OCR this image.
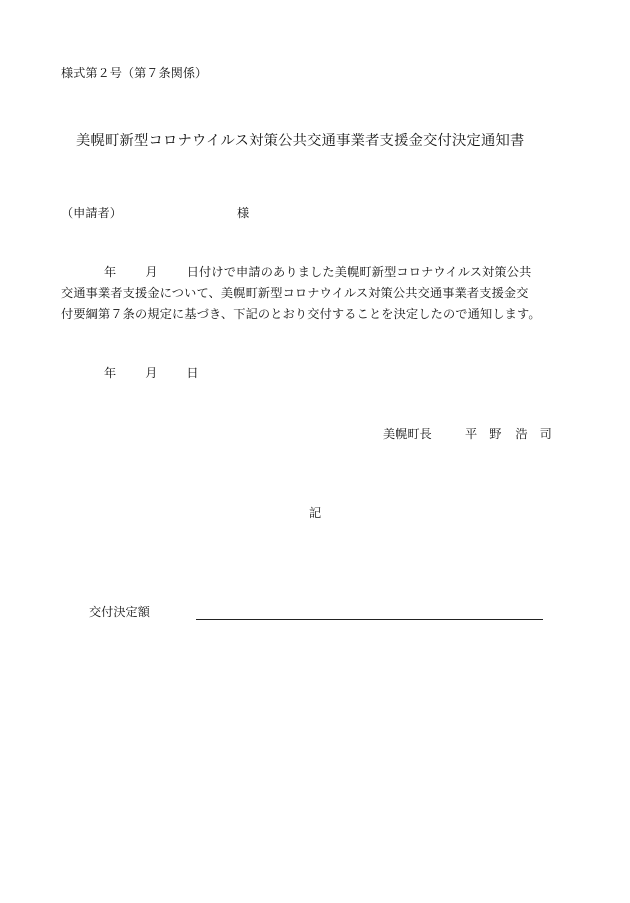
様式第２号（第７条関係）
美幌町新型コロナウイルス対策公共交通事業者支援金交付決定通知書
（申請者）	様
年 月 日付けで申請のありました美幌町新型コロナウイルス対策公共
交通事業者支援金について、美幌町新型コロナウイルス対策公共交通事業者支援金交
付要綱第７条の規定に基づき、下記のとおり交付することを決定したので通知します。
年 月 日
美幌町長	平 野 浩 司
記
交付決定額
